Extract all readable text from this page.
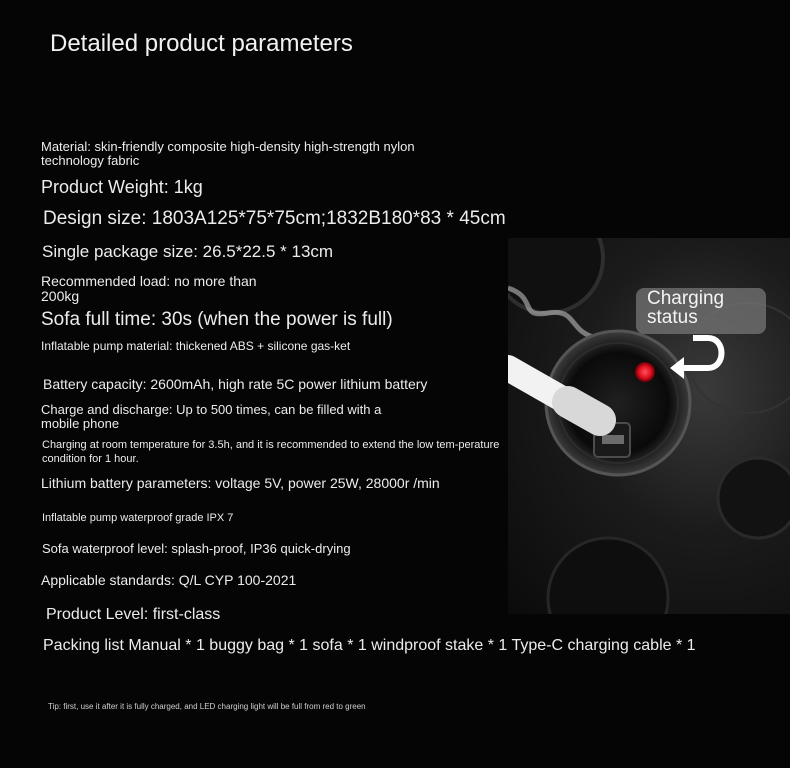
Detailed product parameters
Material: skin-friendly composite high-density high-strength nylon technology fabric
Product Weight: 1kg
Design size: 1803A125*75*75cm;1832B180*83 * 45cm
Single package size: 26.5*22.5 * 13cm
Recommended load: no more than 200kg
Sofa full time: 30s (when the power is full)
Inflatable pump material: thickened ABS + silicone gas-ket
Battery capacity: 2600mAh, high rate 5C power lithium battery
Charge and discharge: Up to 500 times, can be filled with a mobile phone
Charging at room temperature for 3.5h, and it is recommended to extend the low tem-perature condition for 1 hour.
Lithium battery parameters: voltage 5V, power 25W, 28000r /min
Inflatable pump waterproof grade IPX 7
Sofa waterproof level: splash-proof, IP36 quick-drying
Applicable standards: Q/L CYP 100-2021
Product Level: first-class
Packing list Manual * 1 buggy bag * 1 sofa * 1 windproof stake * 1 Type-C charging cable * 1
Charging status
Tip: first, use it after it is fully charged, and LED charging light will be full from red to green
